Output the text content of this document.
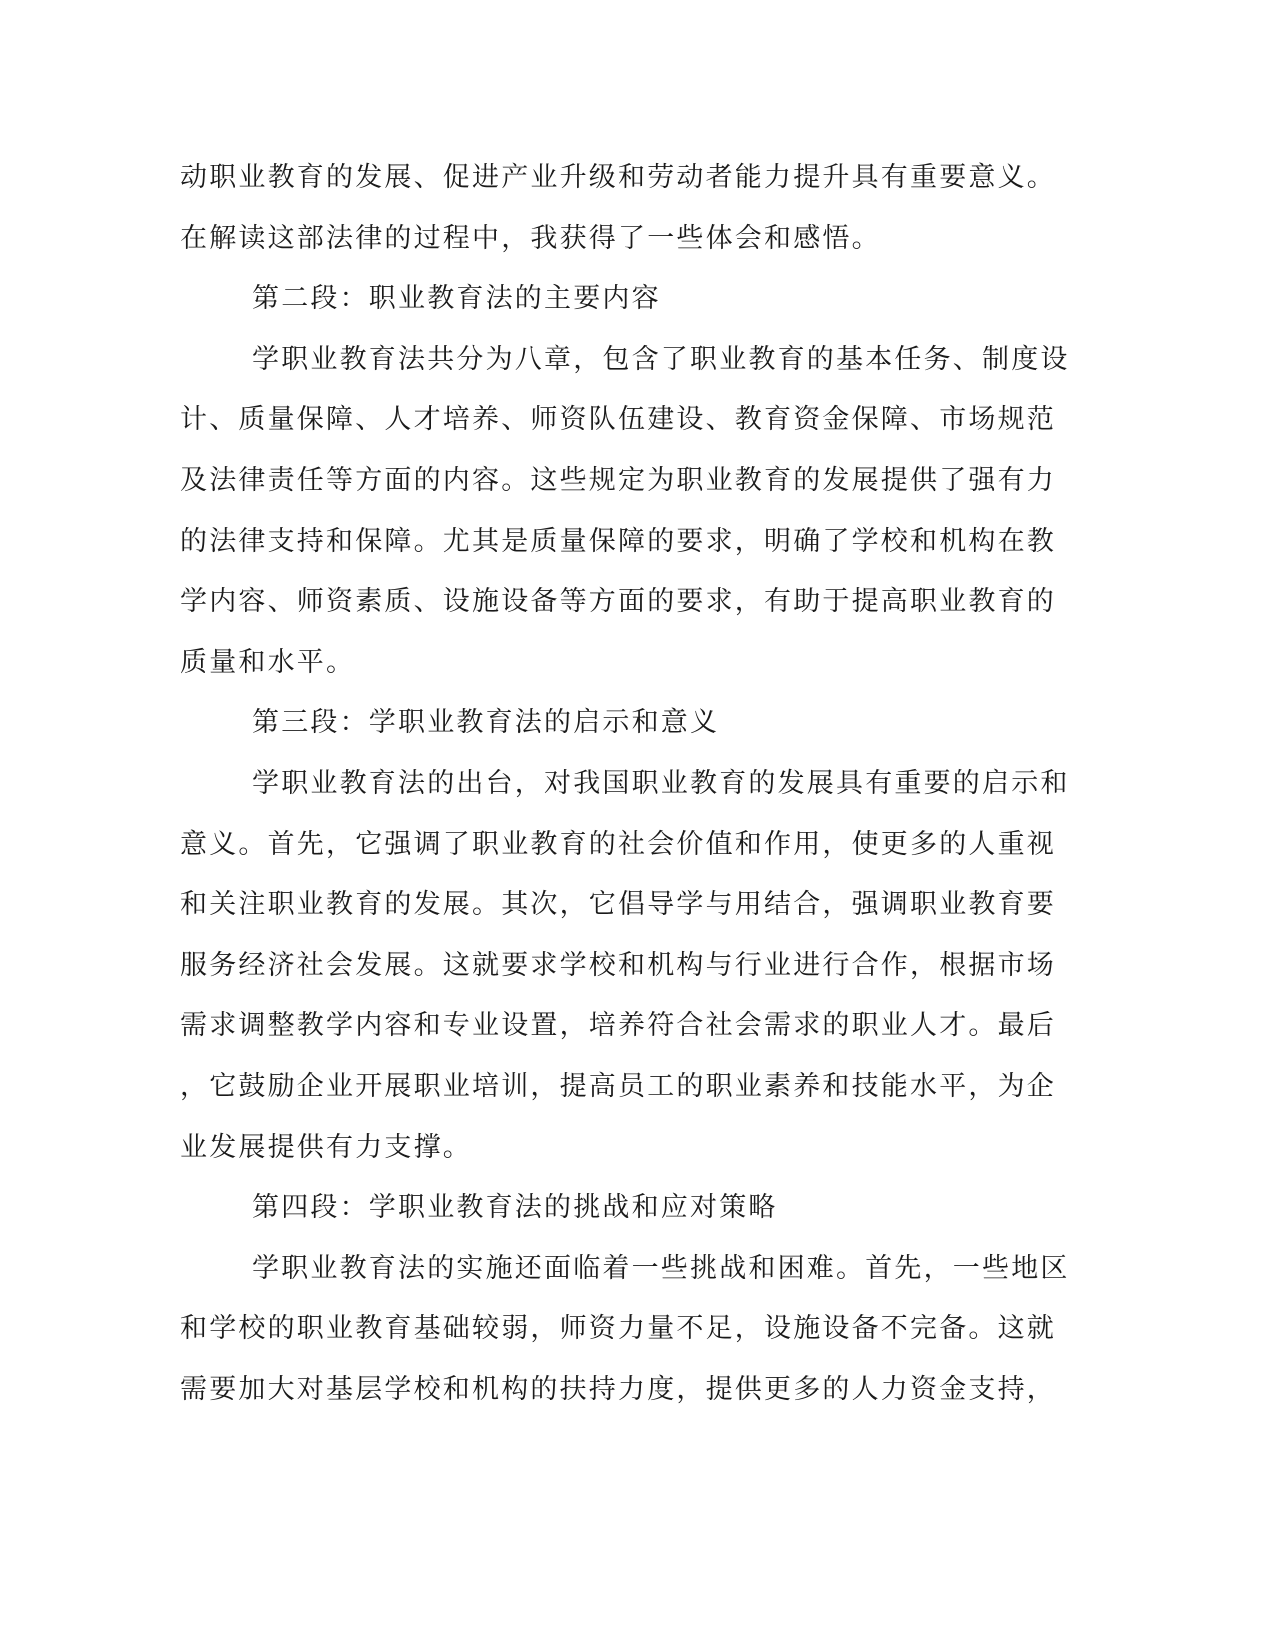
动职业教育的发展、促进产业升级和劳动者能力提升具有重要意义。
在解读这部法律的过程中，我获得了一些体会和感悟。
第二段：职业教育法的主要内容
学职业教育法共分为八章，包含了职业教育的基本任务、制度设
计、质量保障、人才培养、师资队伍建设、教育资金保障、市场规范
及法律责任等方面的内容。这些规定为职业教育的发展提供了强有力
的法律支持和保障。尤其是质量保障的要求，明确了学校和机构在教
学内容、师资素质、设施设备等方面的要求，有助于提高职业教育的
质量和水平。
第三段：学职业教育法的启示和意义
学职业教育法的出台，对我国职业教育的发展具有重要的启示和
意义。首先，它强调了职业教育的社会价值和作用，使更多的人重视
和关注职业教育的发展。其次，它倡导学与用结合，强调职业教育要
服务经济社会发展。这就要求学校和机构与行业进行合作，根据市场
需求调整教学内容和专业设置，培养符合社会需求的职业人才。最后
，它鼓励企业开展职业培训，提高员工的职业素养和技能水平，为企
业发展提供有力支撑。
第四段：学职业教育法的挑战和应对策略
学职业教育法的实施还面临着一些挑战和困难。首先，一些地区
和学校的职业教育基础较弱，师资力量不足，设施设备不完备。这就
需要加大对基层学校和机构的扶持力度，提供更多的人力资金支持，
